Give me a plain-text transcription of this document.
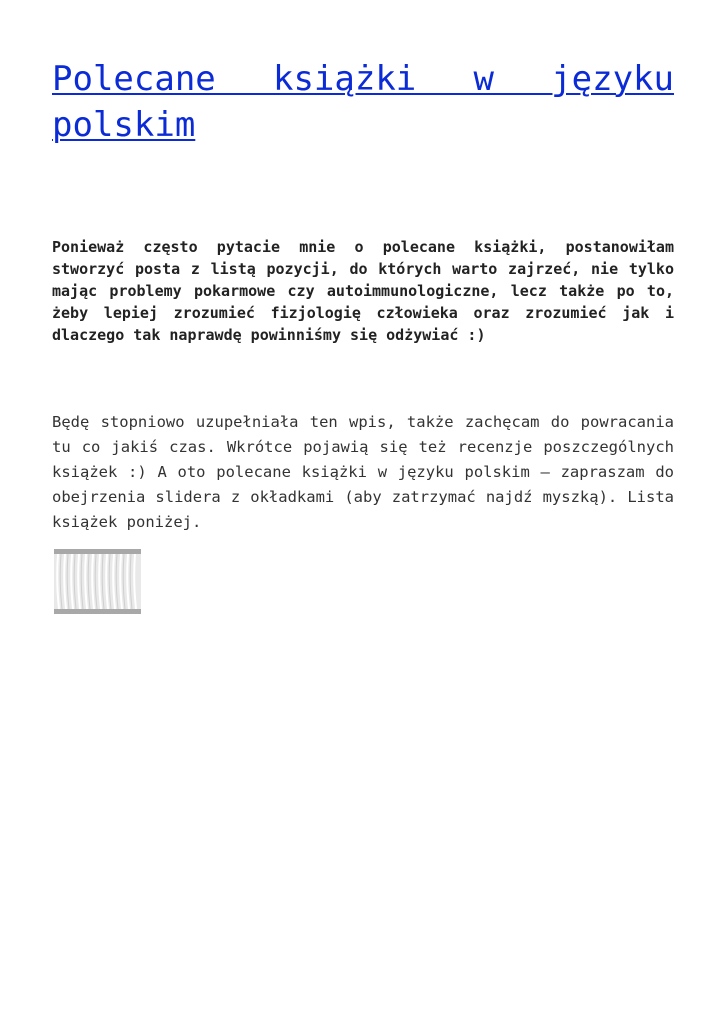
Polecane książki w języku polskim

Ponieważ często pytacie mnie o polecane książki, postanowiłam stworzyć posta z listą pozycji, do których warto zajrzeć, nie tylko mając problemy pokarmowe czy autoimmunologiczne, lecz także po to, żeby lepiej zrozumieć fizjologię człowieka oraz zrozumieć jak i dlaczego tak naprawdę powinniśmy się odżywiać :)

Będę stopniowo uzupełniała ten wpis, także zachęcam do powracania tu co jakiś czas. Wkrótce pojawią się też recenzje poszczególnych książek :) A oto polecane książki w języku polskim – zapraszam do obejrzenia slidera z okładkami (aby zatrzymać najdź myszką). Lista książek poniżej.
